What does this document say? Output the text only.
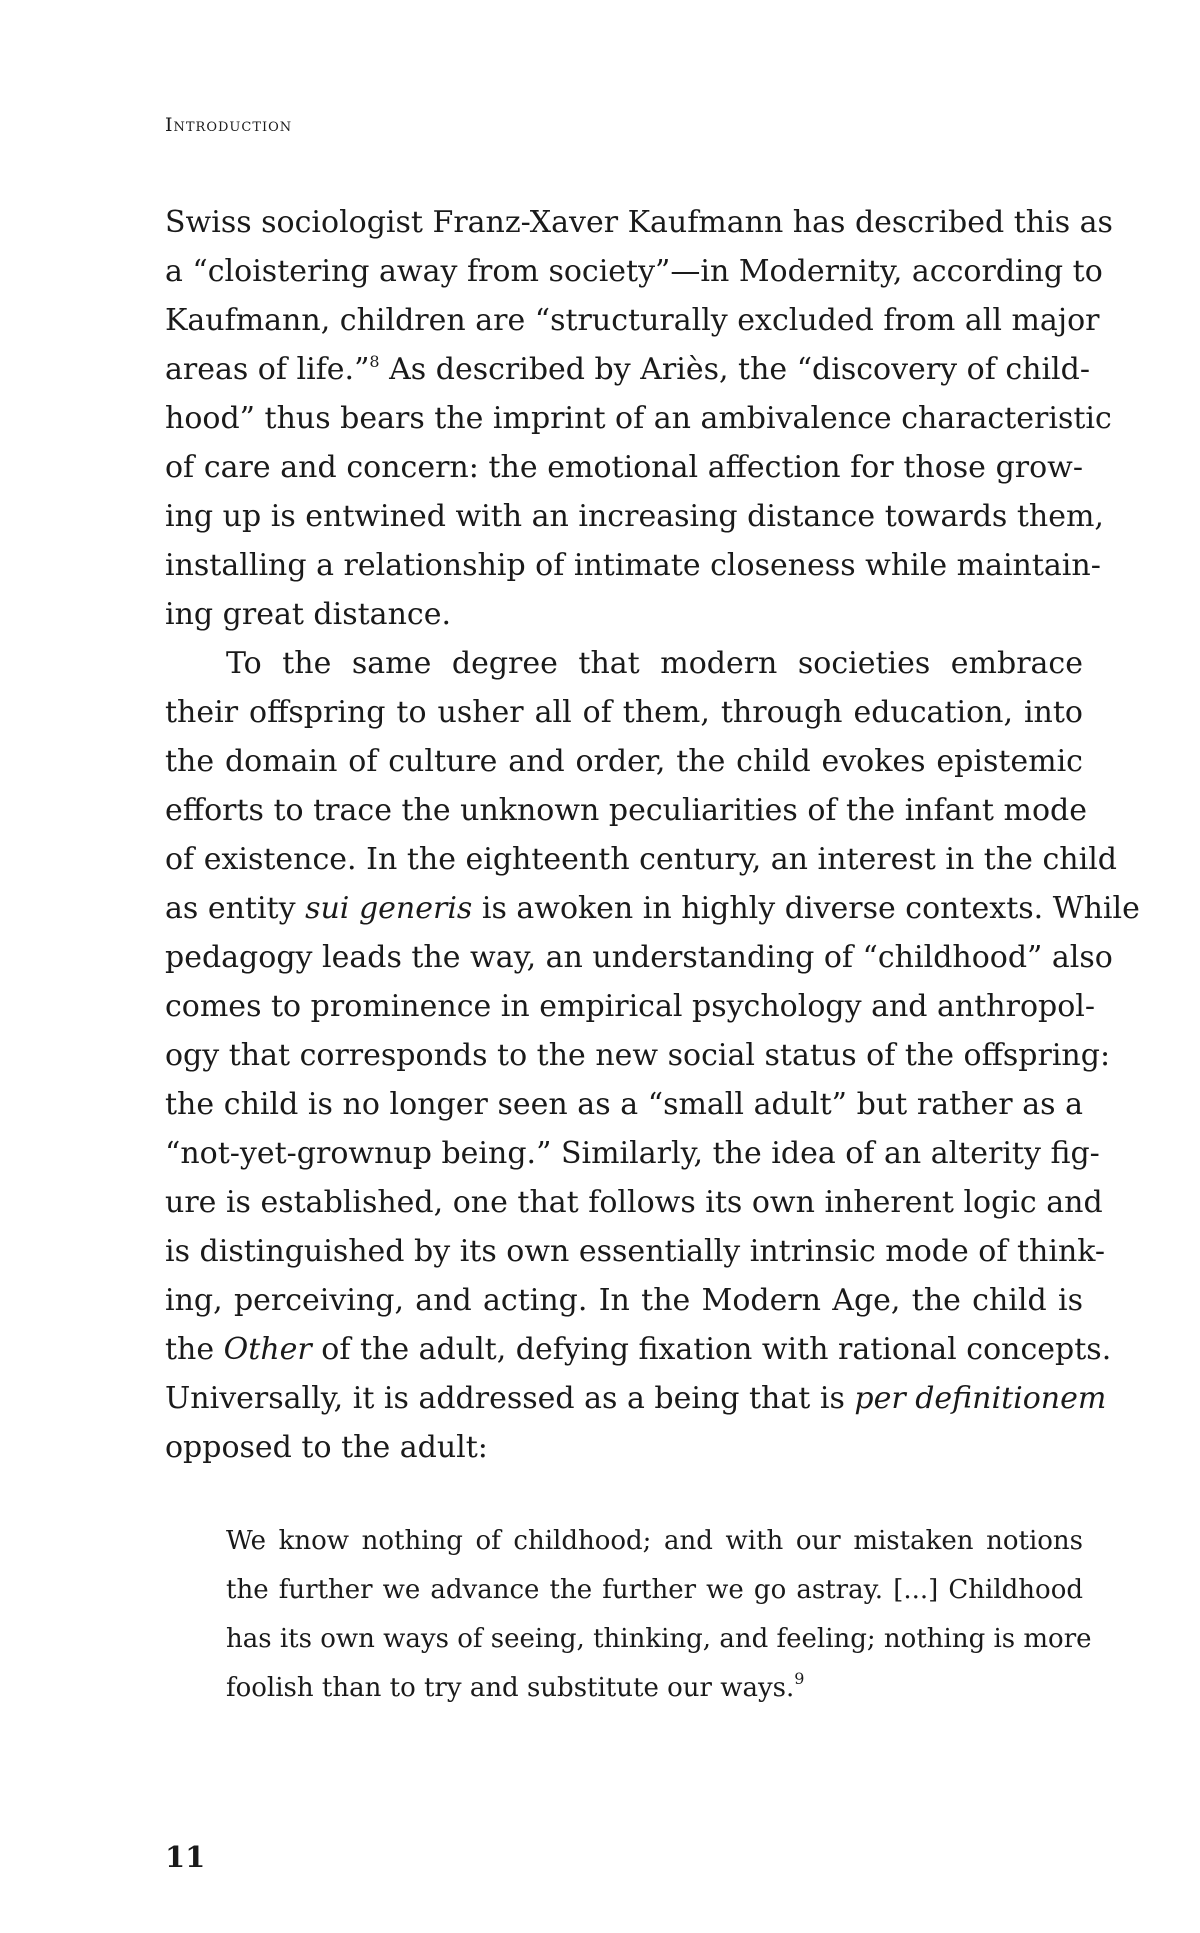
Introduction

Swiss sociologist Franz-Xaver Kaufmann has described this as
a “cloistering away from society”—in Modernity, according to
Kaufmann, children are “structurally excluded from all major
areas of life.”$^8$ As described by Ariès, the “discovery of child-
hood” thus bears the imprint of an ambivalence characteristic
of care and concern: the emotional affection for those grow-
ing up is entwined with an increasing distance towards them,
installing a relationship of intimate closeness while maintain-
ing great distance.

To the same degree that modern societies embrace
their offspring to usher all of them, through education, into
the domain of culture and order, the child evokes epistemic
efforts to trace the unknown peculiarities of the infant mode
of existence. In the eighteenth century, an interest in the child
as entity sui generis is awoken in highly diverse contexts. While
pedagogy leads the way, an understanding of “childhood” also
comes to prominence in empirical psychology and anthropol-
ogy that corresponds to the new social status of the offspring:
the child is no longer seen as a “small adult” but rather as a
“not-yet-grownup being.” Similarly, the idea of an alterity fig-
ure is established, one that follows its own inherent logic and
is distinguished by its own essentially intrinsic mode of think-
ing, perceiving, and acting. In the Modern Age, the child is
the Other of the adult, defying fixation with rational concepts.
Universally, it is addressed as a being that is per definitionem
opposed to the adult:

We know nothing of childhood; and with our mistaken notions
the further we advance the further we go astray. [...] Childhood
has its own ways of seeing, thinking, and feeling; nothing is more
foolish than to try and substitute our ways.$^9$
11
